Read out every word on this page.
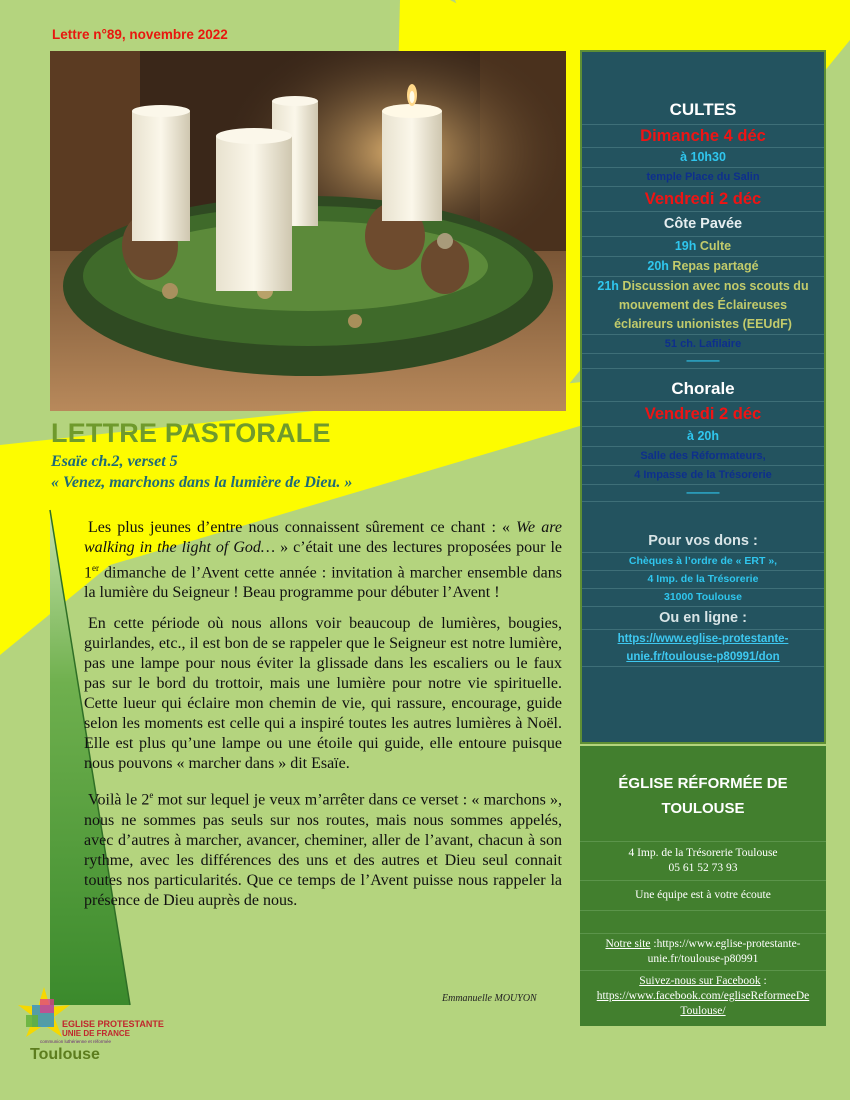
Lettre n°89, novembre 2022
LETTRE PASTORALE
Esaïe ch.2, verset 5
« Venez, marchons dans la lumière de Dieu. »

Les plus jeunes d’entre nous connaissent sûrement ce chant : « We are walking in the light of God… » c’était une des lectures proposées pour le 1er dimanche de l’Avent cette année : invitation à marcher ensemble dans la lumière du Seigneur ! Beau programme pour débuter l’Avent !

En cette période où nous allons voir beaucoup de lumières, bougies, guirlandes, etc., il est bon de se rappeler que le Seigneur est notre lumière, pas une lampe pour nous éviter la glissade dans les escaliers ou le faux pas sur le bord du trottoir, mais une lumière pour notre vie spirituelle. Cette lueur qui éclaire mon chemin de vie, qui rassure, encourage, guide selon les moments est celle qui a inspiré toutes les autres lumières à Noël. Elle est plus qu’une lampe ou une étoile qui guide, elle entoure puisque nous pouvons « marcher dans » dit Esaïe.

Voilà le 2e mot sur lequel je veux m’arrêter dans ce verset : « marchons », nous ne sommes pas seuls sur nos routes, mais nous sommes appelés, avec d’autres à marcher, avancer, cheminer, aller de l’avant, chacun à son rythme, avec les différences des uns et des autres et Dieu seul connait toutes nos particularités. Que ce temps de l’Avent puisse nous rappeler la présence de Dieu auprès de nous.

Emmanuelle MOUYON
EGLISE PROTESTANTE
UNIE DE FRANCE
communion luthérienne et réformée
Toulouse
CULTES
Dimanche 4 déc
à 10h30
temple Place du Salin
Vendredi 2 déc
Côte Pavée
19h Culte
20h Repas partagé
21h Discussion avec nos scouts du mouvement des Éclaireuses éclaireurs unionistes (EEUdF)
51 ch. Lafilaire
———
Chorale
Vendredi 2 déc
à 20h
Salle des Réformateurs,
4 Impasse de la Trésorerie
———
Pour vos dons :
Chèques à l’ordre de « ERT »,
4 Imp. de la Trésorerie
31000 Toulouse
Ou en ligne :
https://www.eglise-protestante-unie.fr/toulouse-p80991/don
ÉGLISE RÉFORMÉE DE TOULOUSE
4 Imp. de la Trésorerie Toulouse
05 61 52 73 93
Une équipe est à votre écoute
Notre site :https://www.eglise-protestante-unie.fr/toulouse-p80991
Suivez-nous sur Facebook :
https://www.facebook.com/egliseReformeeDeToulouse/
